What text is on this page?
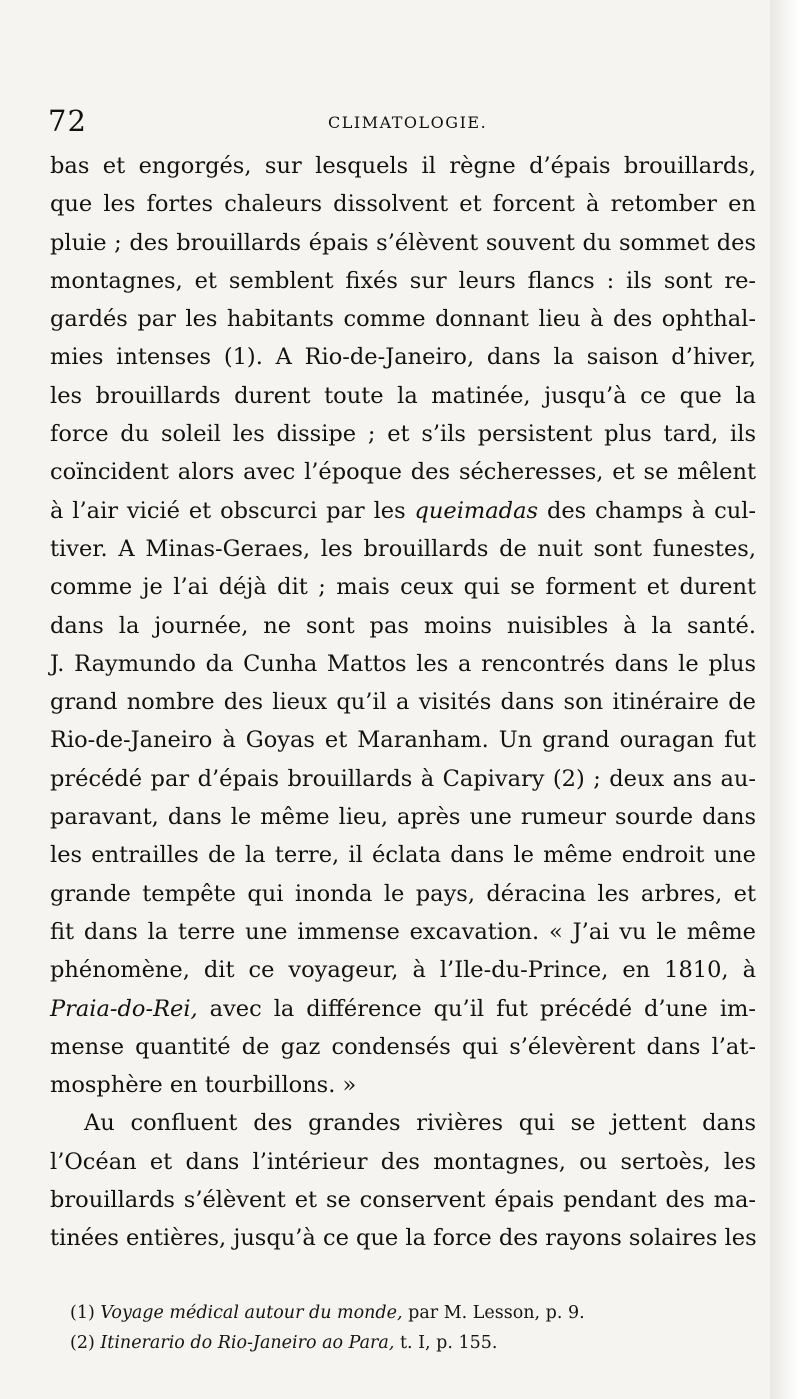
72	CLIMATOLOGIE.
bas et engorgés, sur lesquels il règne d’épais brouillards,
que les fortes chaleurs dissolvent et forcent à retomber en
pluie ; des brouillards épais s’élèvent souvent du sommet des
montagnes, et semblent fixés sur leurs flancs : ils sont re-
gardés par les habitants comme donnant lieu à des ophthal-
mies intenses (1). A Rio-de-Janeiro, dans la saison d’hiver,
les brouillards durent toute la matinée, jusqu’à ce que la
force du soleil les dissipe ; et s’ils persistent plus tard, ils
coïncident alors avec l’époque des sécheresses, et se mêlent
à l’air vicié et obscurci par les queimadas des champs à cul-
tiver. A Minas-Geraes, les brouillards de nuit sont funestes,
comme je l’ai déjà dit ; mais ceux qui se forment et durent
dans la journée, ne sont pas moins nuisibles à la santé.
J. Raymundo da Cunha Mattos les a rencontrés dans le plus
grand nombre des lieux qu’il a visités dans son itinéraire de
Rio-de-Janeiro à Goyas et Maranham. Un grand ouragan fut
précédé par d’épais brouillards à Capivary (2) ; deux ans au-
paravant, dans le même lieu, après une rumeur sourde dans
les entrailles de la terre, il éclata dans le même endroit une
grande tempête qui inonda le pays, déracina les arbres, et
fit dans la terre une immense excavation. « J’ai vu le même
phénomène, dit ce voyageur, à l’Ile-du-Prince, en 1810, à
Praia-do-Rei, avec la différence qu’il fut précédé d’une im-
mense quantité de gaz condensés qui s’élevèrent dans l’at-
mosphère en tourbillons. »
Au confluent des grandes rivières qui se jettent dans
l’Océan et dans l’intérieur des montagnes, ou sertoès, les
brouillards s’élèvent et se conservent épais pendant des ma-
tinées entières, jusqu’à ce que la force des rayons solaires les
(1) Voyage médical autour du monde, par M. Lesson, p. 9.
(2) Itinerario do Rio-Janeiro ao Para, t. I, p. 155.
